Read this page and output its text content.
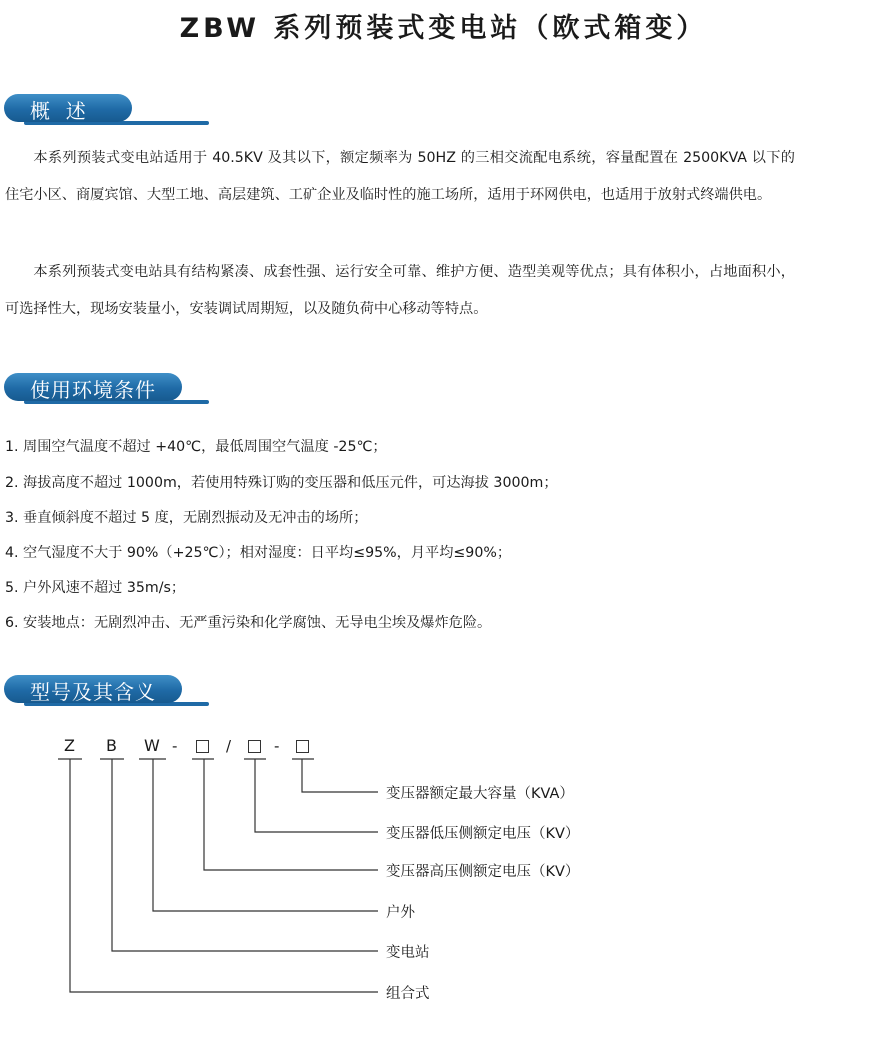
ZBW 系列预装式变电站（欧式箱变）
概  述

本系列预装式变电站适用于 40.5KV 及其以下，额定频率为 50HZ 的三相交流配电系统，容量配置在 2500KVA 以下的住宅小区、商厦宾馆、大型工地、高层建筑、工矿企业及临时性的施工场所，适用于环网供电，也适用于放射式终端供电。

本系列预装式变电站具有结构紧凑、成套性强、运行安全可靠、维护方便、造型美观等优点；具有体积小，占地面积小，可选择性大，现场安装量小，安装调试周期短，以及随负荷中心移动等特点。

使用环境条件
1. 周围空气温度不超过 +40℃，最低周围空气温度 -25℃；
2. 海拔高度不超过 1000m，若使用特殊订购的变压器和低压元件，可达海拔 3000m；
3. 垂直倾斜度不超过 5 度，无剧烈振动及无冲击的场所；
4. 空气湿度不大于 90%（+25℃）；相对湿度：日平均≤95%，月平均≤90%；
5. 户外风速不超过 35m/s；
6. 安装地点：无剧烈冲击、无严重污染和化学腐蚀、无导电尘埃及爆炸危险。
型号及其含义
Z B W -	/	-
变压器额定最大容量（KVA）
变压器低压侧额定电压（KV）
变压器高压侧额定电压（KV）
户外
变电站
组合式
